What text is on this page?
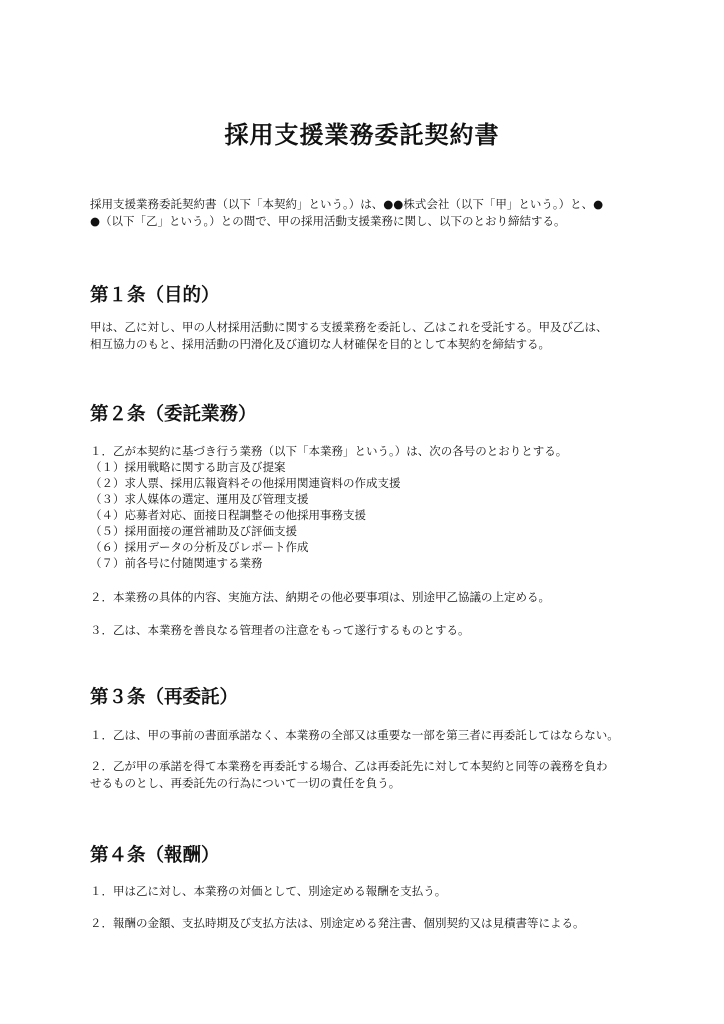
採用支援業務委託契約書

採用支援業務委託契約書（以下「本契約」という。）は、●●株式会社（以下「甲」という。）と、●
●（以下「乙」という。）との間で、甲の採用活動支援業務に関し、以下のとおり締結する。

第１条（目的）

甲は、乙に対し、甲の人材採用活動に関する支援業務を委託し、乙はこれを受託する。甲及び乙は、
相互協力のもと、採用活動の円滑化及び適切な人材確保を目的として本契約を締結する。

第２条（委託業務）

１．乙が本契約に基づき行う業務（以下「本業務」という。）は、次の各号のとおりとする。

（１）採用戦略に関する助言及び提案

（２）求人票、採用広報資料その他採用関連資料の作成支援

（３）求人媒体の選定、運用及び管理支援

（４）応募者対応、面接日程調整その他採用事務支援

（５）採用面接の運営補助及び評価支援

（６）採用データの分析及びレポート作成

（７）前各号に付随関連する業務

２．本業務の具体的内容、実施方法、納期その他必要事項は、別途甲乙協議の上定める。

３．乙は、本業務を善良なる管理者の注意をもって遂行するものとする。

第３条（再委託）

１．乙は、甲の事前の書面承諾なく、本業務の全部又は重要な一部を第三者に再委託してはならない。

２．乙が甲の承諾を得て本業務を再委託する場合、乙は再委託先に対して本契約と同等の義務を負わ
せるものとし、再委託先の行為について一切の責任を負う。

第４条（報酬）

１．甲は乙に対し、本業務の対価として、別途定める報酬を支払う。

２．報酬の金額、支払時期及び支払方法は、別途定める発注書、個別契約又は見積書等による。
